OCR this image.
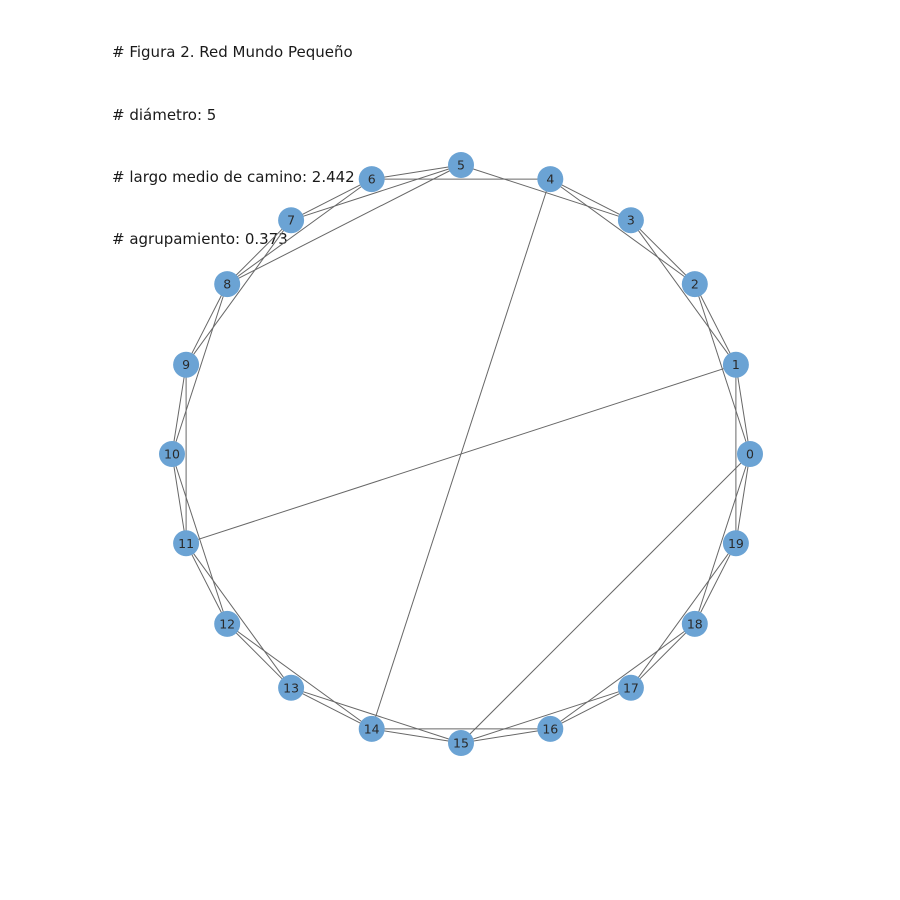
# Figura 2. Red Mundo Pequeño

# diámetro: 5

# largo medio de camino: 2.442

# agrupamiento: 0.373

0
1
2
3
4
5
6
7
8
9
10
11
12
13
14
15
16
17
18
19
